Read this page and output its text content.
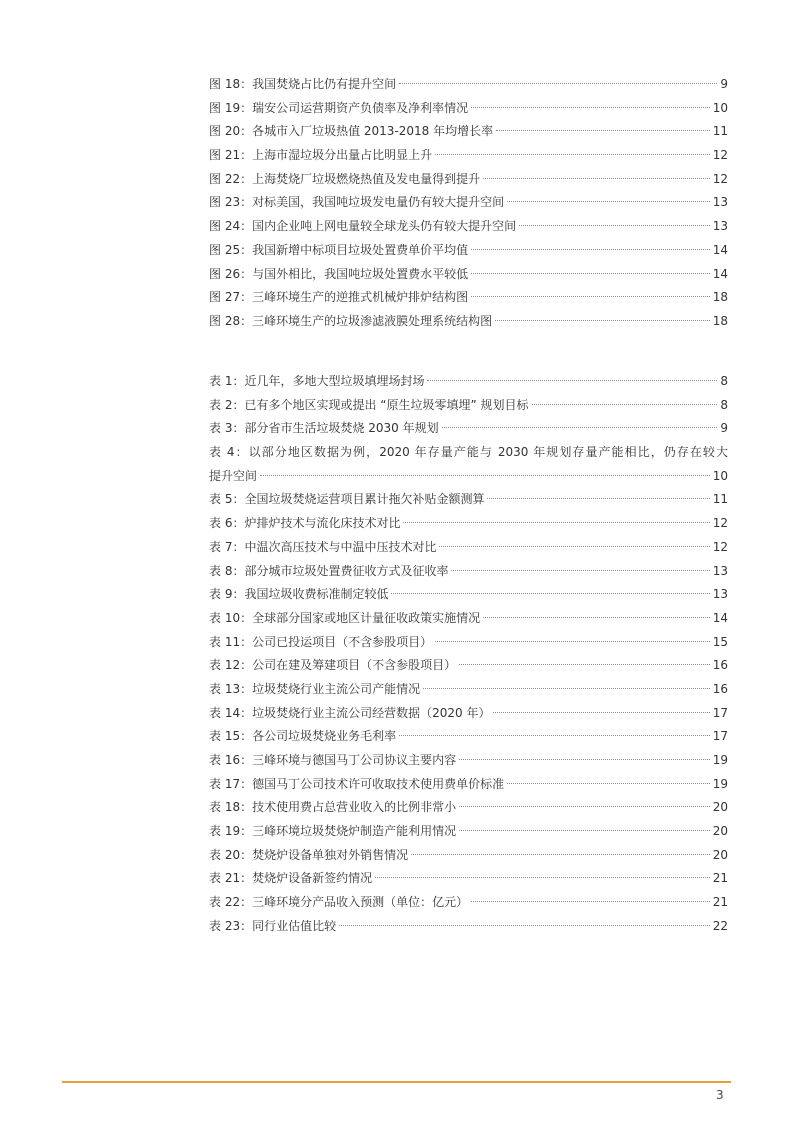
图 18：我国焚烧占比仍有提升空间	9
图 19：瑞安公司运营期资产负债率及净利率情况	10
图 20：各城市入厂垃圾热值 2013-2018 年均增长率	11
图 21：上海市湿垃圾分出量占比明显上升	12
图 22：上海焚烧厂垃圾燃烧热值及发电量得到提升	12
图 23：对标美国，我国吨垃圾发电量仍有较大提升空间	13
图 24：国内企业吨上网电量较全球龙头仍有较大提升空间	13
图 25：我国新增中标项目垃圾处置费单价平均值	14
图 26：与国外相比，我国吨垃圾处置费水平较低	14
图 27：三峰环境生产的逆推式机械炉排炉结构图	18
图 28：三峰环境生产的垃圾渗滤液膜处理系统结构图	18
表 1：近几年，多地大型垃圾填埋场封场	8
表 2：已有多个地区实现或提出 “原生垃圾零填埋” 规划目标	8
表 3：部分省市生活垃圾焚烧 2030 年规划	9
表 4：以部分地区数据为例，2020 年存量产能与 2030 年规划存量产能相比，仍存在较大
提升空间	10
表 5：全国垃圾焚烧运营项目累计拖欠补贴金额测算	11
表 6：炉排炉技术与流化床技术对比	12
表 7：中温次高压技术与中温中压技术对比	12
表 8：部分城市垃圾处置费征收方式及征收率	13
表 9：我国垃圾收费标准制定较低	13
表 10：全球部分国家或地区计量征收政策实施情况	14
表 11：公司已投运项目（不含参股项目）	15
表 12：公司在建及筹建项目（不含参股项目）	16
表 13：垃圾焚烧行业主流公司产能情况	16
表 14：垃圾焚烧行业主流公司经营数据（2020 年）	17
表 15：各公司垃圾焚烧业务毛利率	17
表 16：三峰环境与德国马丁公司协议主要内容	19
表 17：德国马丁公司技术许可收取技术使用费单价标准	19
表 18：技术使用费占总营业收入的比例非常小	20
表 19：三峰环境垃圾焚烧炉制造产能利用情况	20
表 20：焚烧炉设备单独对外销售情况	20
表 21：焚烧炉设备新签约情况	21
表 22：三峰环境分产品收入预测（单位：亿元）	21
表 23：同行业估值比较	22
3
